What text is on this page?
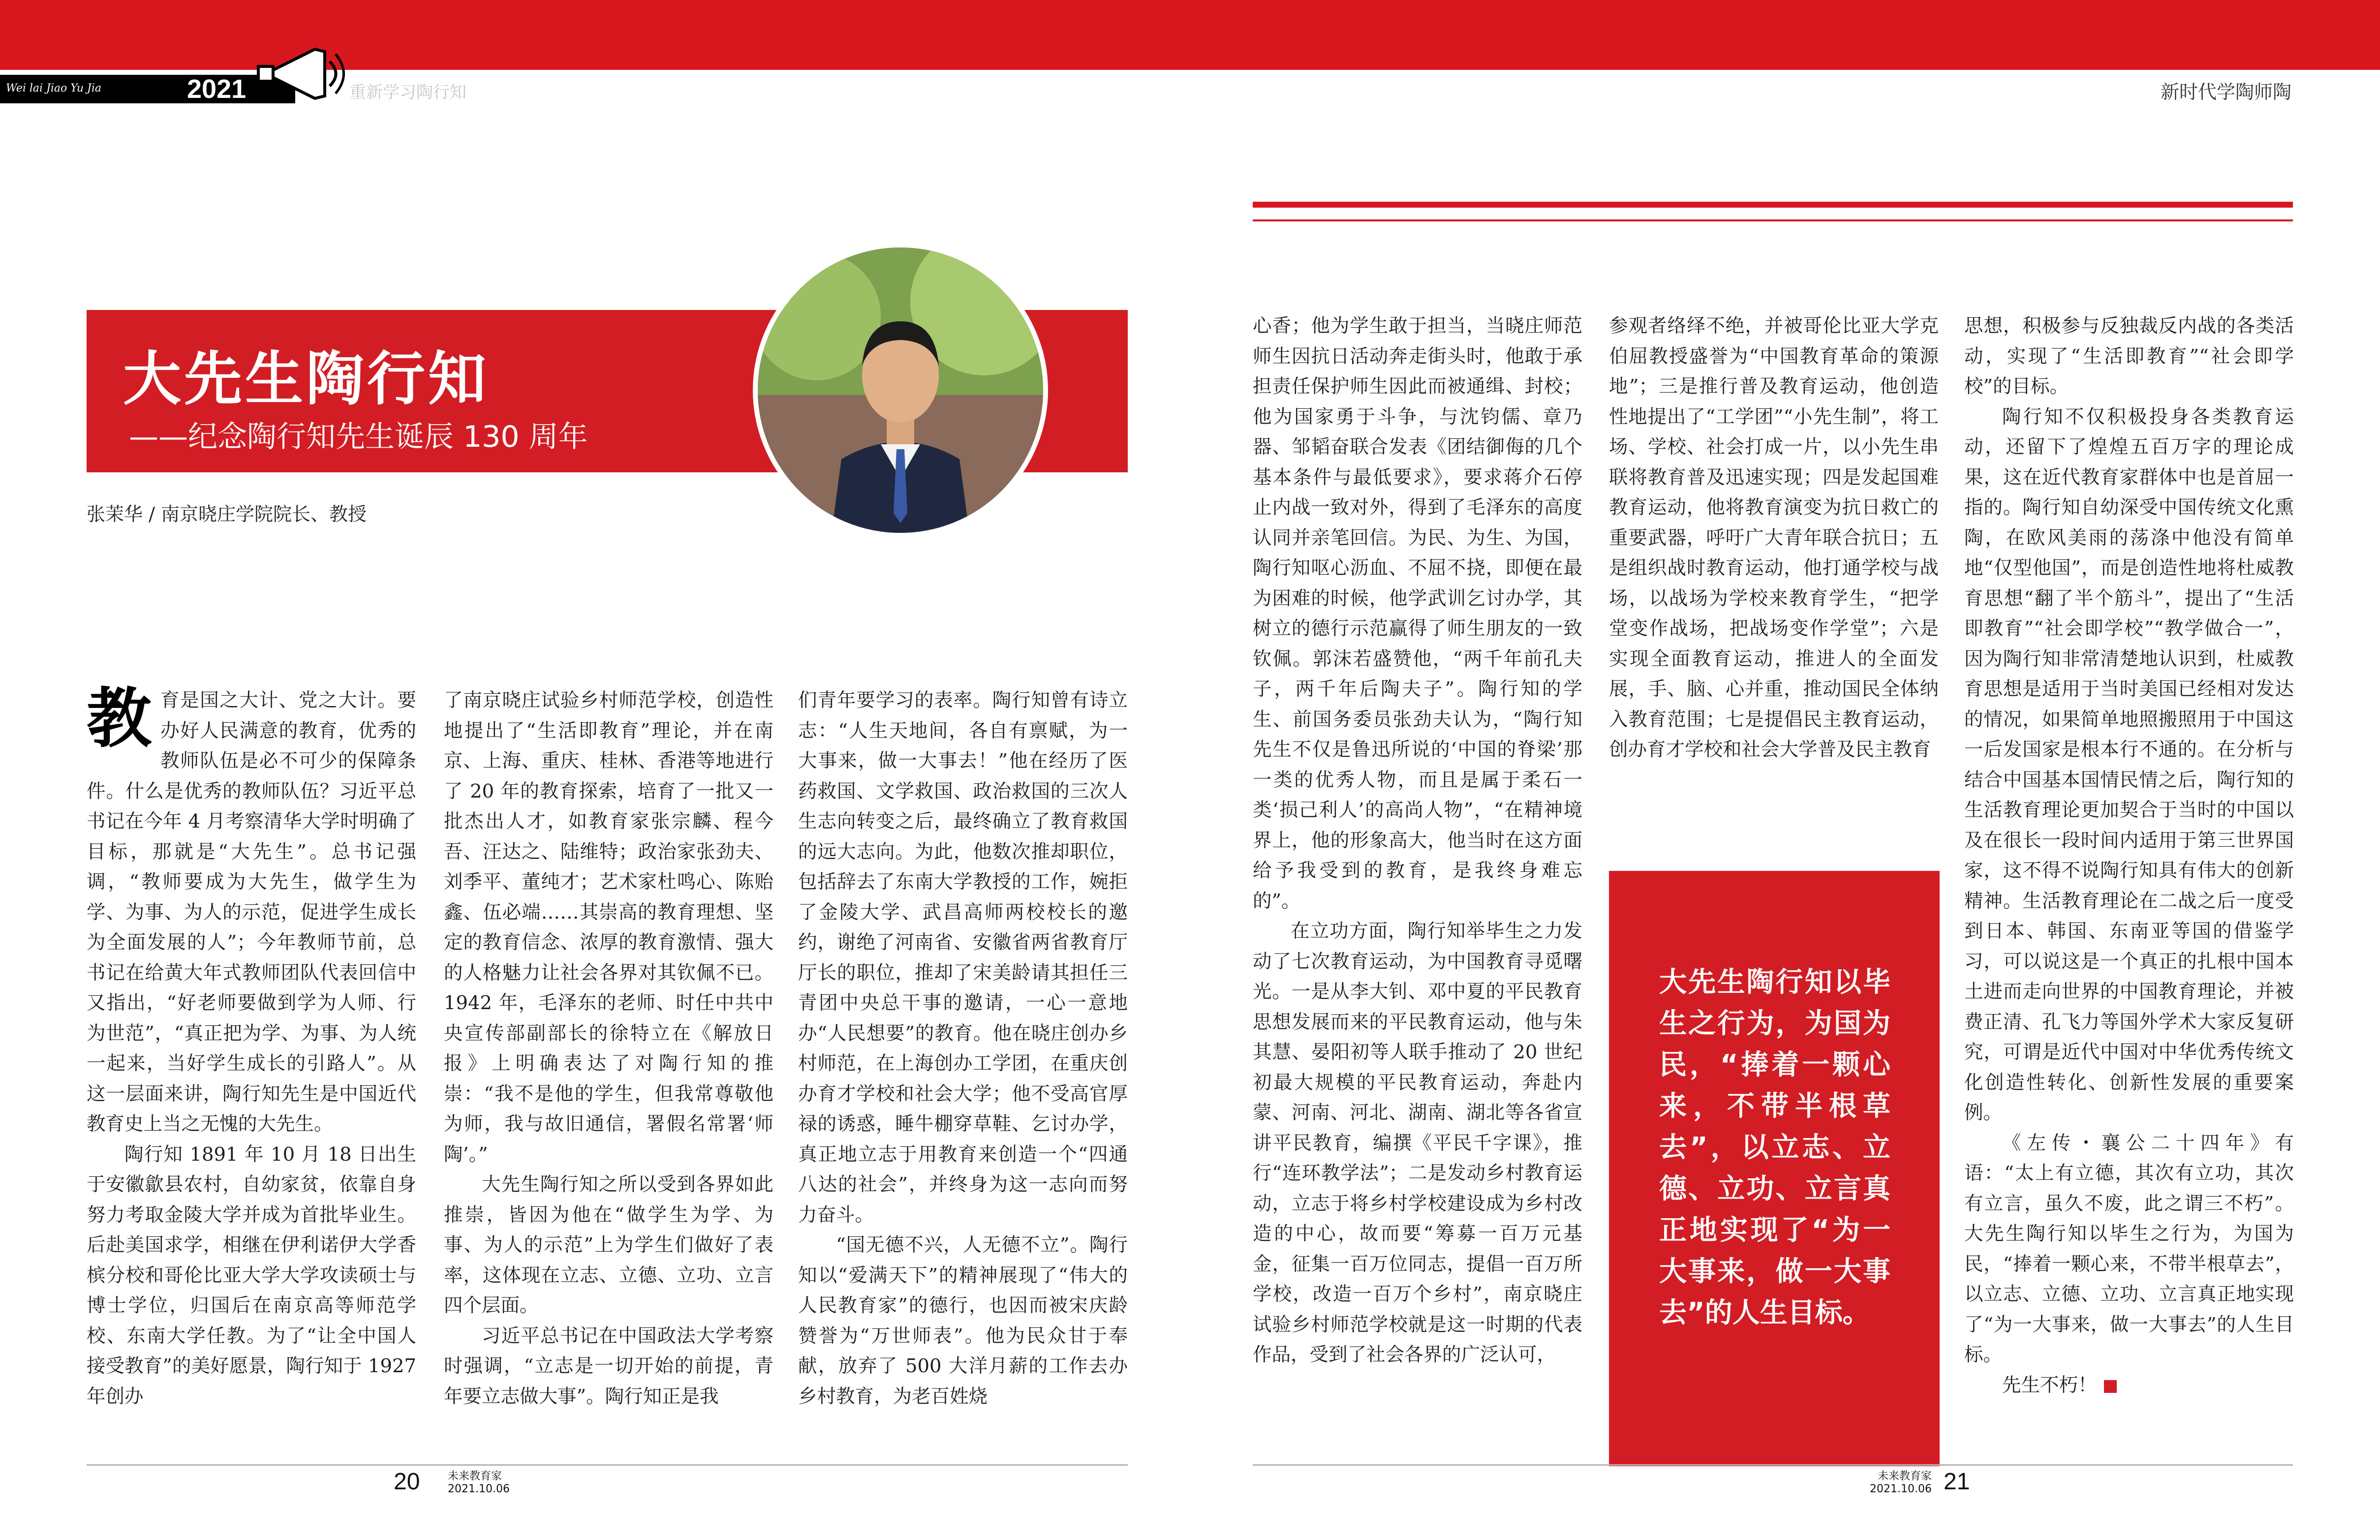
Wei lai Jiao Yu Jia	2021	重新学习陶行知	新时代学陶师陶
大先生陶行知
——纪念陶行知先生诞辰 130 周年
张茉华 / 南京晓庄学院院长、教授

教育是国之大计、党之大计。要办好人民满意的教育，优秀的教师队伍是必不可少的保障条件。什么是优秀的教师队伍？习近平总书记在今年 4 月考察清华大学时明确了目标，那就是“大先生”。总书记强调，“教师要成为大先生，做学生为学、为事、为人的示范，促进学生成长为全面发展的人”；今年教师节前，总书记在给黄大年式教师团队代表回信中又指出，“好老师要做到学为人师、行为世范”，“真正把为学、为事、为人统一起来，当好学生成长的引路人”。从这一层面来讲，陶行知先生是中国近代教育史上当之无愧的大先生。

陶行知 1891 年 10 月 18 日出生于安徽歙县农村，自幼家贫，依靠自身努力考取金陵大学并成为首批毕业生。后赴美国求学，相继在伊利诺伊大学香槟分校和哥伦比亚大学大学攻读硕士与博士学位，归国后在南京高等师范学校、东南大学任教。为了“让全中国人接受教育”的美好愿景，陶行知于 1927 年创办

了南京晓庄试验乡村师范学校，创造性地提出了“生活即教育”理论，并在南京、上海、重庆、桂林、香港等地进行了 20 年的教育探索，培育了一批又一批杰出人才，如教育家张宗麟、程今吾、汪达之、陆维特；政治家张劲夫、刘季平、董纯才；艺术家杜鸣心、陈贻鑫、伍必端……其崇高的教育理想、坚定的教育信念、浓厚的教育激情、强大的人格魅力让社会各界对其钦佩不已。1942 年，毛泽东的老师、时任中共中央宣传部副部长的徐特立在《解放日报》上明确表达了对陶行知的推崇：“我不是他的学生，但我常尊敬他为师，我与故旧通信，署假名常署‘师陶’。”

大先生陶行知之所以受到各界如此推崇，皆因为他在“做学生为学、为事、为人的示范”上为学生们做好了表率，这体现在立志、立德、立功、立言四个层面。

习近平总书记在中国政法大学考察时强调，“立志是一切开始的前提，青年要立志做大事”。陶行知正是我

们青年要学习的表率。陶行知曾有诗立志：“人生天地间，各自有禀赋，为一大事来，做一大事去！”他在经历了医药救国、文学救国、政治救国的三次人生志向转变之后，最终确立了教育救国的远大志向。为此，他数次推却职位，包括辞去了东南大学教授的工作，婉拒了金陵大学、武昌高师两校校长的邀约，谢绝了河南省、安徽省两省教育厅厅长的职位，推却了宋美龄请其担任三青团中央总干事的邀请，一心一意地办“人民想要”的教育。他在晓庄创办乡村师范，在上海创办工学团，在重庆创办育才学校和社会大学；他不受高官厚禄的诱惑，睡牛棚穿草鞋、乞讨办学，真正地立志于用教育来创造一个“四通八达的社会”，并终身为这一志向而努力奋斗。

“国无德不兴，人无德不立”。陶行知以“爱满天下”的精神展现了“伟大的人民教育家”的德行，也因而被宋庆龄赞誉为“万世师表”。他为民众甘于奉献，放弃了 500 大洋月薪的工作去办乡村教育，为老百姓烧

心香；他为学生敢于担当，当晓庄师范师生因抗日活动奔走街头时，他敢于承担责任保护师生因此而被通缉、封校；他为国家勇于斗争，与沈钧儒、章乃器、邹韬奋联合发表《团结御侮的几个基本条件与最低要求》，要求蒋介石停止内战一致对外，得到了毛泽东的高度认同并亲笔回信。为民、为生、为国，陶行知呕心沥血、不屈不挠，即便在最为困难的时候，他学武训乞讨办学，其树立的德行示范赢得了师生朋友的一致钦佩。郭沫若盛赞他，“两千年前孔夫子，两千年后陶夫子”。陶行知的学生、前国务委员张劲夫认为，“陶行知先生不仅是鲁迅所说的‘中国的脊梁’那一类的优秀人物，而且是属于柔石一类‘损己利人’的高尚人物”，“在精神境界上，他的形象高大，他当时在这方面给予我受到的教育，是我终身难忘的”。

在立功方面，陶行知举毕生之力发动了七次教育运动，为中国教育寻觅曙光。一是从李大钊、邓中夏的平民教育思想发展而来的平民教育运动，他与朱其慧、晏阳初等人联手推动了 20 世纪初最大规模的平民教育运动，奔赴内蒙、河南、河北、湖南、湖北等各省宣讲平民教育，编撰《平民千字课》，推行“连环教学法”；二是发动乡村教育运动，立志于将乡村学校建设成为乡村改造的中心，故而要“筹募一百万元基金，征集一百万位同志，提倡一百万所学校，改造一百万个乡村”，南京晓庄试验乡村师范学校就是这一时期的代表作品，受到了社会各界的广泛认可，

参观者络绎不绝，并被哥伦比亚大学克伯屈教授盛誉为“中国教育革命的策源地”；三是推行普及教育运动，他创造性地提出了“工学团”“小先生制”，将工场、学校、社会打成一片，以小先生串联将教育普及迅速实现；四是发起国难教育运动，他将教育演变为抗日救亡的重要武器，呼吁广大青年联合抗日；五是组织战时教育运动，他打通学校与战场，以战场为学校来教育学生，“把学堂变作战场，把战场变作学堂”；六是实现全面教育运动，推进人的全面发展，手、脑、心并重，推动国民全体纳入教育范围；七是提倡民主教育运动，创办育才学校和社会大学普及民主教育

大先生陶行知以毕生之行为，为国为民，“捧着一颗心来，不带半根草去”，以立志、立德、立功、立言真正地实现了“为一大事来，做一大事去”的人生目标。

思想，积极参与反独裁反内战的各类活动，实现了“生活即教育”“社会即学校”的目标。

陶行知不仅积极投身各类教育运动，还留下了煌煌五百万字的理论成果，这在近代教育家群体中也是首屈一指的。陶行知自幼深受中国传统文化熏陶，在欧风美雨的荡涤中他没有简单地“仅型他国”，而是创造性地将杜威教育思想“翻了半个筋斗”，提出了“生活即教育”“社会即学校”“教学做合一”，因为陶行知非常清楚地认识到，杜威教育思想是适用于当时美国已经相对发达的情况，如果简单地照搬照用于中国这一后发国家是根本行不通的。在分析与结合中国基本国情民情之后，陶行知的生活教育理论更加契合于当时的中国以及在很长一段时间内适用于第三世界国家，这不得不说陶行知具有伟大的创新精神。生活教育理论在二战之后一度受到日本、韩国、东南亚等国的借鉴学习，可以说这是一个真正的扎根中国本土进而走向世界的中国教育理论，并被费正清、孔飞力等国外学术大家反复研究，可谓是近代中国对中华优秀传统文化创造性转化、创新性发展的重要案例。

《左传・襄公二十四年》有语：“太上有立德，其次有立功，其次有立言，虽久不废，此之谓三不朽”。大先生陶行知以毕生之行为，为国为民，“捧着一颗心来，不带半根草去”，以立志、立德、立功、立言真正地实现了“为一大事来，做一大事去”的人生目标。

先生不朽！

20	未来教育家
2021.10.06
未来教育家
2021.10.06 21
